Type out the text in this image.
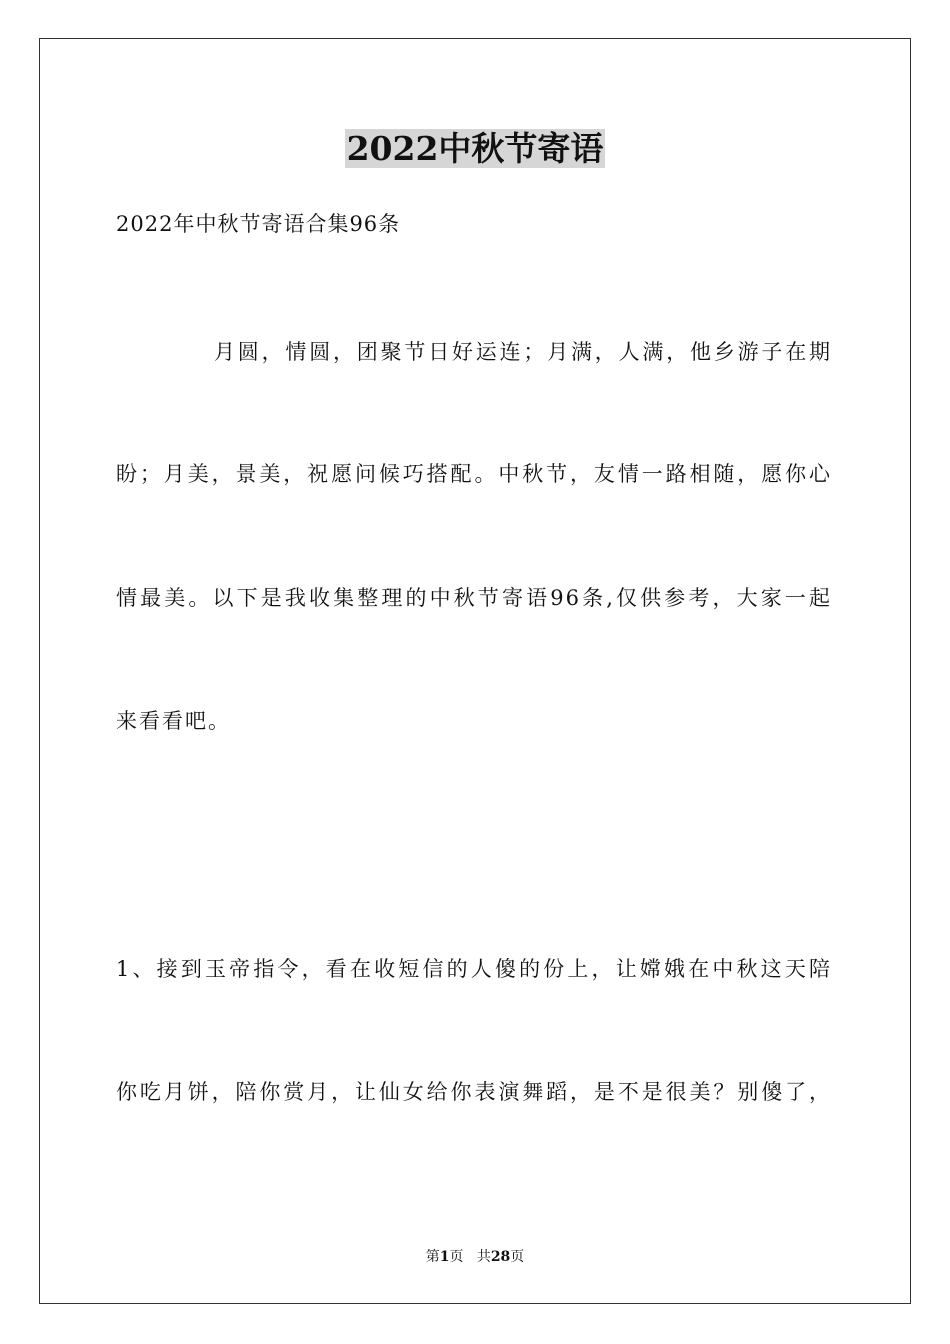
2022中秋节寄语
2022年中秋节寄语合集96条
月圆，情圆，团聚节日好运连；月满，人满，他乡游子在期
盼；月美，景美，祝愿问候巧搭配。中秋节，友情一路相随，愿你心
情最美。以下是我收集整理的中秋节寄语96条,仅供参考，大家一起
来看看吧。
1、接到玉帝指令，看在收短信的人傻的份上，让嫦娥在中秋这天陪
你吃月饼，陪你赏月，让仙女给你表演舞蹈，是不是很美？别傻了，
第1页 共28页
